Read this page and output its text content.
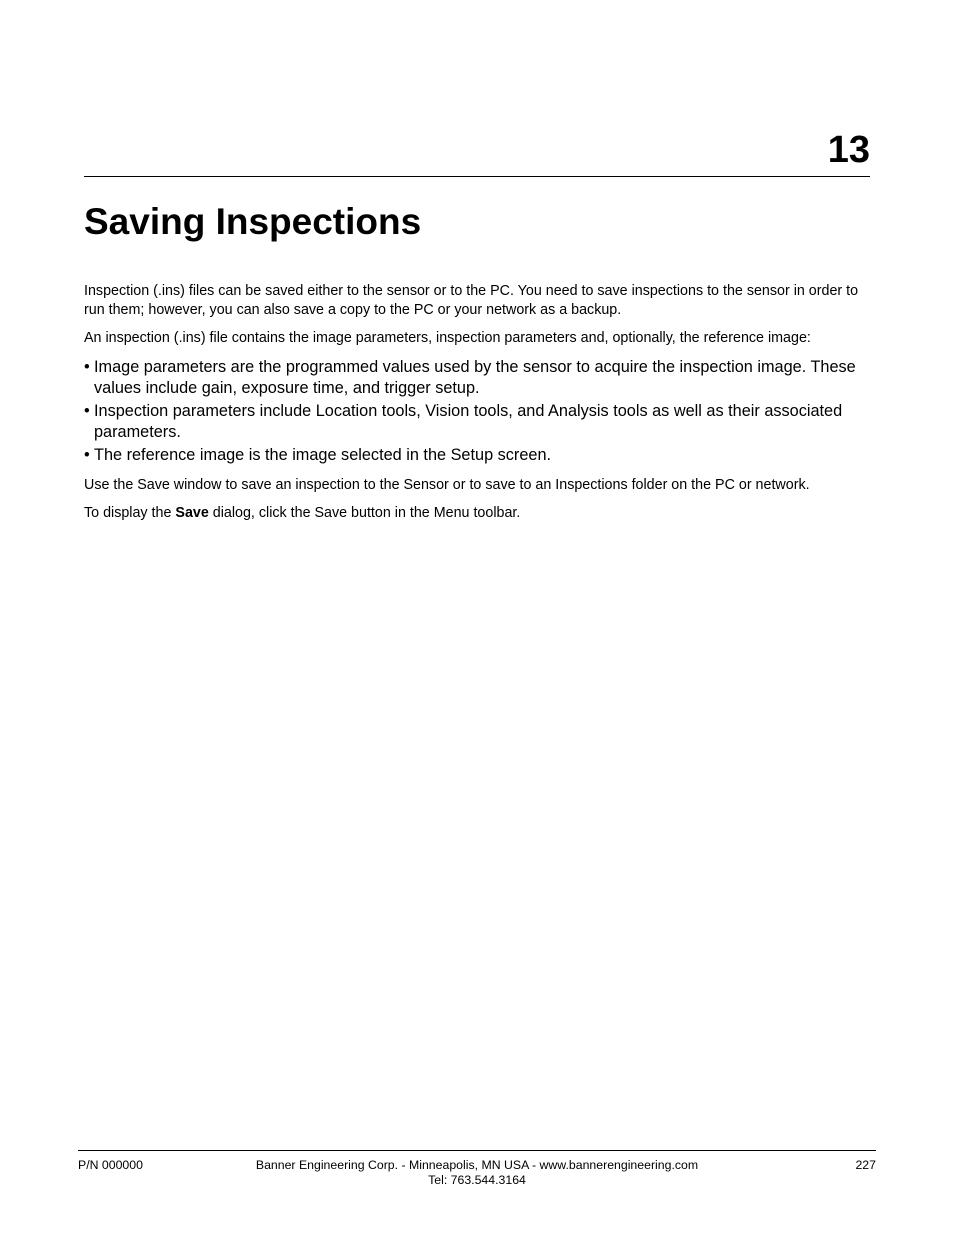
13
Saving Inspections

Inspection (.ins) files can be saved either to the sensor or to the PC. You need to save inspections to the sensor in order to run them; however, you can also save a copy to the PC or your network as a backup.

An inspection (.ins) file contains the image parameters, inspection parameters and, optionally, the reference image:

• Image parameters are the programmed values used by the sensor to acquire the inspection image. These values include gain, exposure time, and trigger setup.
• Inspection parameters include Location tools, Vision tools, and Analysis tools as well as their associated parameters.
• The reference image is the image selected in the Setup screen.

Use the Save window to save an inspection to the Sensor or to save to an Inspections folder on the PC or network.

To display the Save dialog, click the Save button in the Menu toolbar.

P/N 000000	Banner Engineering Corp. - Minneapolis, MN USA - www.bannerengineering.com
Tel: 763.544.3164
227
